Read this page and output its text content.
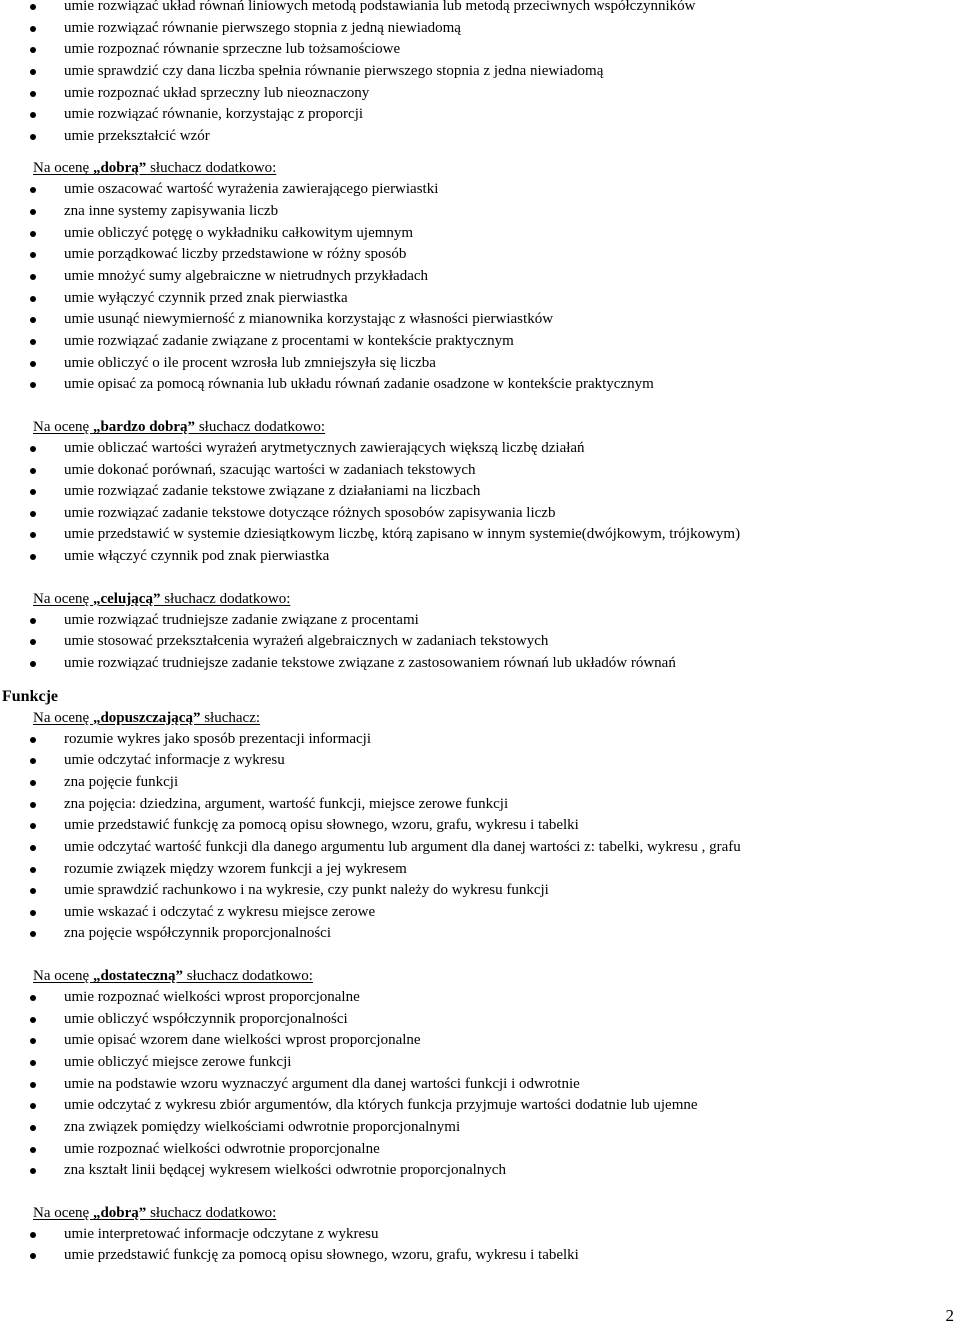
umie rozwiązać układ równań liniowych metodą podstawiania lub metodą przeciwnych współczynników
umie rozwiązać równanie pierwszego stopnia z jedną niewiadomą
umie rozpoznać równanie sprzeczne lub tożsamościowe
umie sprawdzić czy dana liczba spełnia równanie pierwszego stopnia z jedna niewiadomą
umie rozpoznać układ sprzeczny lub nieoznaczony
umie rozwiązać równanie, korzystając z proporcji
umie przekształcić wzór
Na ocenę „dobrą” słuchacz dodatkowo:
umie oszacować wartość wyrażenia zawierającego pierwiastki
zna inne systemy zapisywania liczb
umie obliczyć potęgę o wykładniku całkowitym ujemnym
umie porządkować liczby przedstawione w różny sposób
umie mnożyć sumy algebraiczne w nietrudnych przykładach
umie wyłączyć czynnik przed znak pierwiastka
umie usunąć niewymierność z mianownika korzystając z własności pierwiastków
umie rozwiązać zadanie związane z procentami w kontekście praktycznym
umie obliczyć o ile procent wzrosła lub zmniejszyła się liczba
umie opisać za pomocą równania lub układu równań zadanie osadzone w kontekście praktycznym
Na ocenę „bardzo dobrą” słuchacz dodatkowo:
umie obliczać wartości wyrażeń arytmetycznych zawierających większą liczbę działań
umie dokonać porównań, szacując wartości w zadaniach tekstowych
umie rozwiązać zadanie tekstowe związane z działaniami na liczbach
umie rozwiązać zadanie tekstowe dotyczące różnych sposobów zapisywania liczb
umie przedstawić w systemie dziesiątkowym liczbę, którą zapisano w innym systemie(dwójkowym, trójkowym)
umie włączyć czynnik pod znak pierwiastka
Na ocenę „celującą” słuchacz dodatkowo:
umie rozwiązać trudniejsze zadanie związane z procentami
umie stosować przekształcenia wyrażeń algebraicznych w zadaniach tekstowych
umie rozwiązać trudniejsze zadanie tekstowe związane z zastosowaniem równań lub układów równań
Funkcje
Na ocenę „dopuszczającą” słuchacz:
rozumie wykres jako sposób prezentacji informacji
umie odczytać informacje z wykresu
zna pojęcie funkcji
zna pojęcia: dziedzina, argument, wartość funkcji, miejsce zerowe funkcji
umie przedstawić funkcję za pomocą opisu słownego, wzoru, grafu, wykresu i tabelki
umie odczytać wartość funkcji dla danego argumentu lub argument dla danej wartości z: tabelki, wykresu , grafu
rozumie związek między wzorem funkcji a jej wykresem
umie sprawdzić rachunkowo i na wykresie, czy punkt należy do wykresu funkcji
umie wskazać i odczytać z wykresu miejsce zerowe
zna pojęcie współczynnik proporcjonalności
Na ocenę „dostateczną” słuchacz dodatkowo:
umie rozpoznać wielkości wprost proporcjonalne
umie obliczyć współczynnik proporcjonalności
umie opisać wzorem dane wielkości wprost proporcjonalne
umie obliczyć miejsce zerowe funkcji
umie na podstawie wzoru wyznaczyć argument dla danej wartości funkcji i odwrotnie
umie odczytać z wykresu zbiór argumentów, dla których funkcja przyjmuje wartości dodatnie lub ujemne
zna związek pomiędzy wielkościami odwrotnie proporcjonalnymi
umie rozpoznać wielkości odwrotnie proporcjonalne
zna kształt linii będącej wykresem wielkości odwrotnie proporcjonalnych
Na ocenę „dobrą” słuchacz dodatkowo:
umie interpretować informacje odczytane z wykresu
umie przedstawić funkcję za pomocą opisu słownego, wzoru, grafu, wykresu i tabelki
2
